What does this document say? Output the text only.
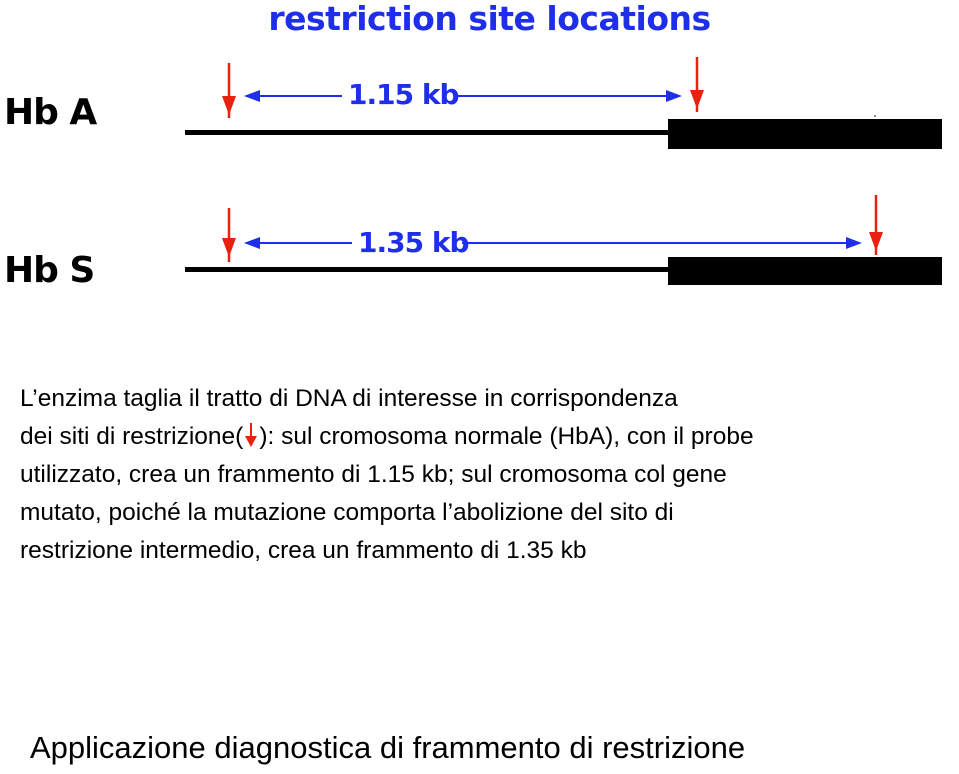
restriction site locations
Hb A
Hb S
1.15 kb
1.35 kb

L’enzima taglia il tratto di DNA di interesse in corrispondenza

dei siti di restrizione( ): sul cromosoma normale (HbA), con il probe

utilizzato, crea un frammento di 1.15 kb; sul cromosoma col gene

mutato, poiché la mutazione comporta l’abolizione del sito di

restrizione intermedio, crea un frammento di 1.35 kb

Applicazione diagnostica di frammento di restrizione
